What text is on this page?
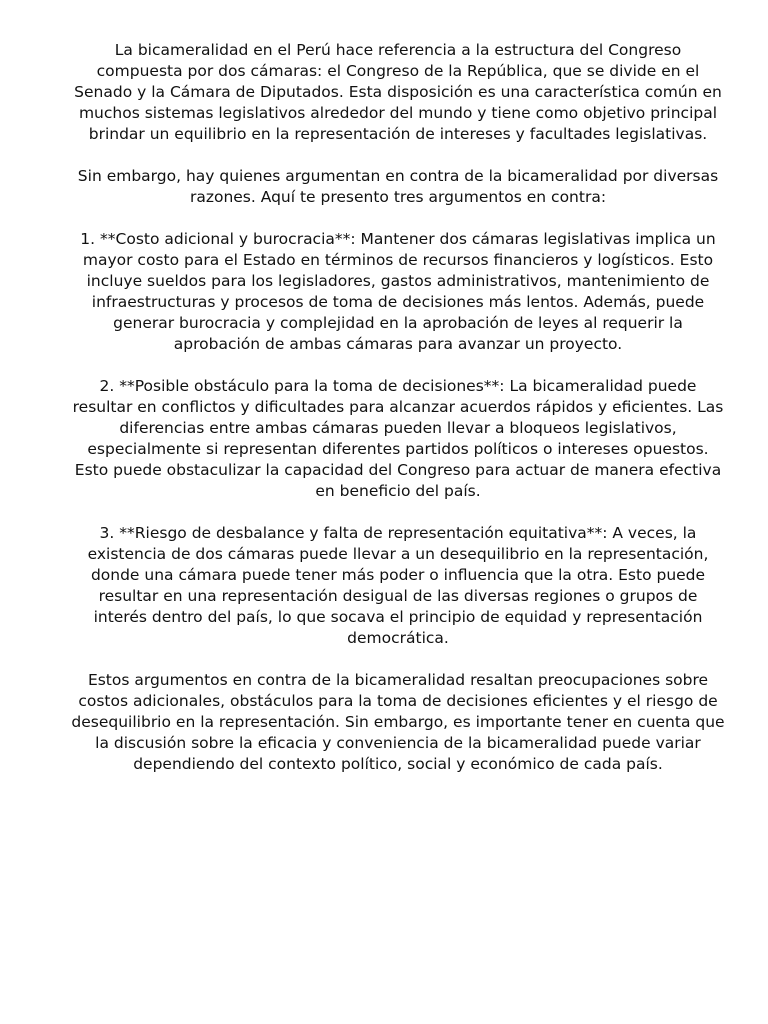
La bicameralidad en el Perú hace referencia a la estructura del Congreso compuesta por dos cámaras: el Congreso de la República, que se divide en el Senado y la Cámara de Diputados. Esta disposición es una característica común en muchos sistemas legislativos alrededor del mundo y tiene como objetivo principal brindar un equilibrio en la representación de intereses y facultades legislativas.

Sin embargo, hay quienes argumentan en contra de la bicameralidad por diversas razones. Aquí te presento tres argumentos en contra:

1. **Costo adicional y burocracia**: Mantener dos cámaras legislativas implica un mayor costo para el Estado en términos de recursos financieros y logísticos. Esto incluye sueldos para los legisladores, gastos administrativos, mantenimiento de infraestructuras y procesos de toma de decisiones más lentos. Además, puede generar burocracia y complejidad en la aprobación de leyes al requerir la aprobación de ambas cámaras para avanzar un proyecto.

2. **Posible obstáculo para la toma de decisiones**: La bicameralidad puede resultar en conflictos y dificultades para alcanzar acuerdos rápidos y eficientes. Las diferencias entre ambas cámaras pueden llevar a bloqueos legislativos, especialmente si representan diferentes partidos políticos o intereses opuestos. Esto puede obstaculizar la capacidad del Congreso para actuar de manera efectiva en beneficio del país.

3. **Riesgo de desbalance y falta de representación equitativa**: A veces, la existencia de dos cámaras puede llevar a un desequilibrio en la representación, donde una cámara puede tener más poder o influencia que la otra. Esto puede resultar en una representación desigual de las diversas regiones o grupos de interés dentro del país, lo que socava el principio de equidad y representación democrática.

Estos argumentos en contra de la bicameralidad resaltan preocupaciones sobre costos adicionales, obstáculos para la toma de decisiones eficientes y el riesgo de desequilibrio en la representación. Sin embargo, es importante tener en cuenta que la discusión sobre la eficacia y conveniencia de la bicameralidad puede variar dependiendo del contexto político, social y económico de cada país.
